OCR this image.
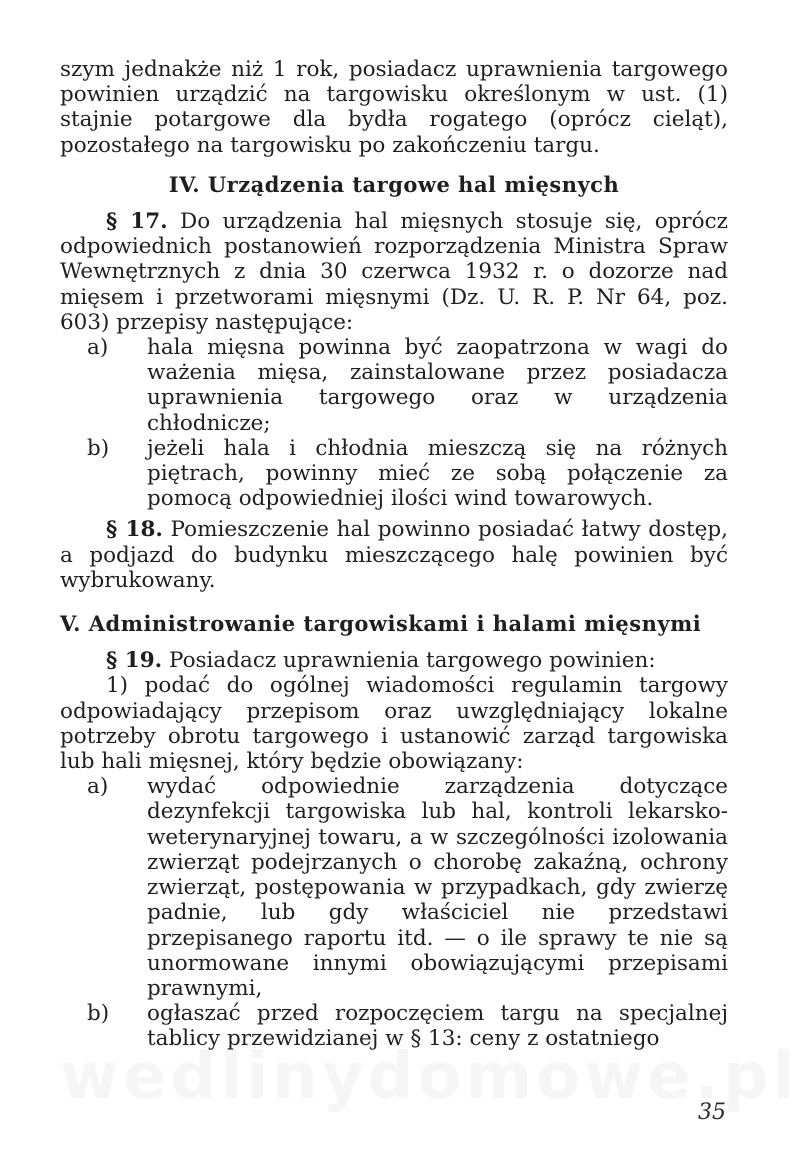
szym jednakże niż 1 rok, posiadacz uprawnienia targowego powinien urządzić na targowisku określonym w ust. (1) stajnie potargowe dla bydła rogatego (oprócz cieląt), pozostałego na targowisku po zakończeniu targu.

IV. Urządzenia targowe hal mięsnych

§ 17. Do urządzenia hal mięsnych stosuje się, oprócz odpowiednich postanowień rozporządzenia Ministra Spraw Wewnętrznych z dnia 30 czerwca 1932 r. o dozorze nad mięsem i przetworami mięsnymi (Dz. U. R. P. Nr 64, poz. 603) przepisy następujące:

a)	hala mięsna powinna być zaopatrzona w wagi do ważenia mięsa, zainstalowane przez posiadacza uprawnienia targowego oraz w urządzenia chłodnicze;
b)	jeżeli hala i chłodnia mieszczą się na różnych piętrach, powinny mieć ze sobą połączenie za pomocą odpowiedniej ilości wind towarowych.

§ 18. Pomieszczenie hal powinno posiadać łatwy dostęp, a podjazd do budynku mieszczącego halę powinien być wybrukowany.

V. Administrowanie targowiskami i halami mięsnymi

§ 19. Posiadacz uprawnienia targowego powinien:

1) podać do ogólnej wiadomości regulamin targowy odpowiadający przepisom oraz uwzględniający lokalne potrzeby obrotu targowego i ustanowić zarząd targowiska lub hali mięsnej, który będzie obowiązany:

a)	wydać odpowiednie zarządzenia dotyczące dezynfekcji targowiska lub hal, kontroli lekarsko-weterynaryjnej towaru, a w szczególności izolowania zwierząt podejrzanych o chorobę zakaźną, ochrony zwierząt, postępowania w przypadkach, gdy zwierzę padnie, lub gdy właściciel nie przedstawi przepisanego raportu itd. — o ile sprawy te nie są unormowane innymi obowiązującymi przepisami prawnymi,
b)	ogłaszać przed rozpoczęciem targu na specjalnej tablicy przewidzianej w § 13: ceny z ostatniego
35
